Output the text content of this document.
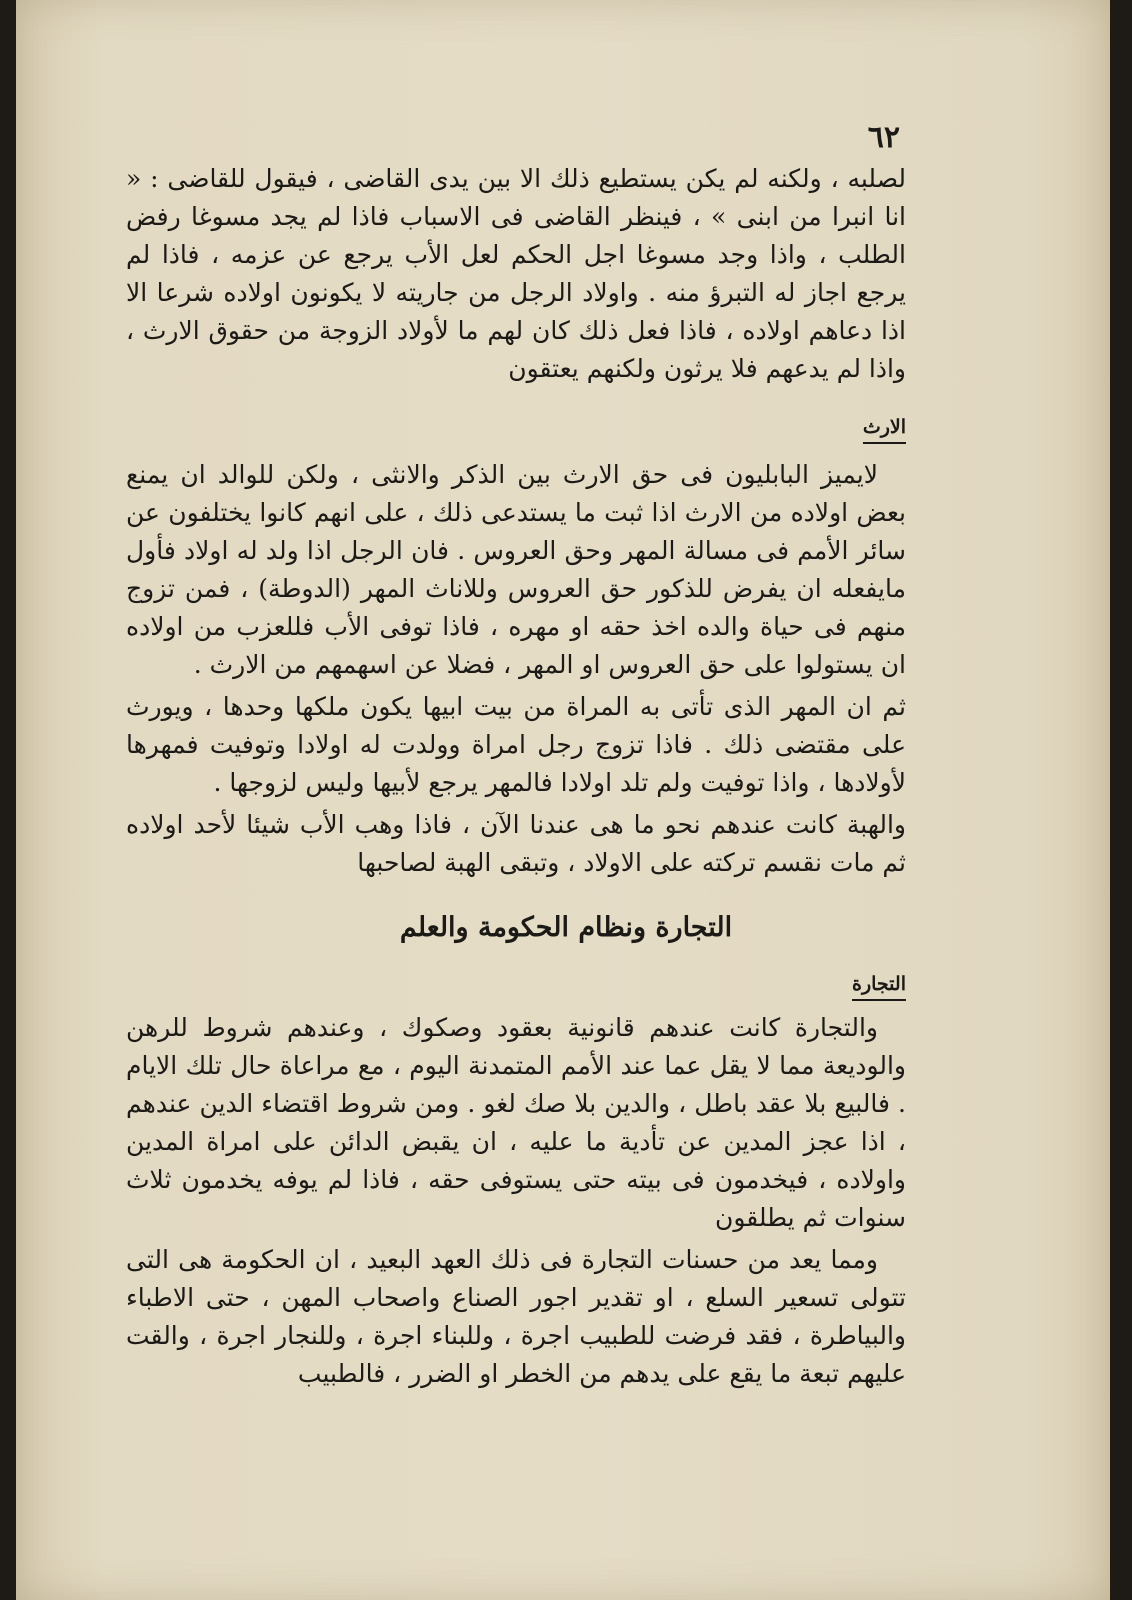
٦٢

لصلبه ، ولكنه لم يكن يستطيع ذلك الا بين يدى القاضى ، فيقول للقاضى : « انا انبرا من ابنى » ، فينظر القاضى فى الاسباب فاذا لم يجد مسوغا رفض الطلب ، واذا وجد مسوغا اجل الحكم لعل الأب يرجع عن عزمه ، فاذا لم يرجع اجاز له التبرؤ منه . واولاد الرجل من جاريته لا يكونون اولاده شرعا الا اذا دعاهم اولاده ، فاذا فعل ذلك كان لهم ما لأولاد الزوجة من حقوق الارث ، واذا لم يدعهم فلا يرثون ولكنهم يعتقون

الارث

لايميز البابليون فى حق الارث بين الذكر والانثى ، ولكن للوالد ان يمنع بعض اولاده من الارث اذا ثبت ما يستدعى ذلك ، على انهم كانوا يختلفون عن سائر الأمم فى مسالة المهر وحق العروس . فان الرجل اذا ولد له اولاد فأول مايفعله ان يفرض للذكور حق العروس وللاناث المهر (الدوطة) ، فمن تزوج منهم فى حياة والده اخذ حقه او مهره ، فاذا توفى الأب فللعزب من اولاده ان يستولوا على حق العروس او المهر ، فضلا عن اسهمهم من الارث .

ثم ان المهر الذى تأتى به المراة من بيت ابيها يكون ملكها وحدها ، ويورث على مقتضى ذلك . فاذا تزوج رجل امراة وولدت له اولادا وتوفيت فمهرها لأولادها ، واذا توفيت ولم تلد اولادا فالمهر يرجع لأبيها وليس لزوجها .

والهبة كانت عندهم نحو ما هى عندنا الآن ، فاذا وهب الأب شيئا لأحد اولاده ثم مات نقسم تركته على الاولاد ، وتبقى الهبة لصاحبها

التجارة ونظام الحكومة والعلم
التجارة

والتجارة كانت عندهم قانونية بعقود وصكوك ، وعندهم شروط للرهن والوديعة مما لا يقل عما عند الأمم المتمدنة اليوم ، مع مراعاة حال تلك الايام . فالبيع بلا عقد باطل ، والدين بلا صك لغو . ومن شروط اقتضاء الدين عندهم ، اذا عجز المدين عن تأدية ما عليه ، ان يقبض الدائن على امراة المدين واولاده ، فيخدمون فى بيته حتى يستوفى حقه ، فاذا لم يوفه يخدمون ثلاث سنوات ثم يطلقون

ومما يعد من حسنات التجارة فى ذلك العهد البعيد ، ان الحكومة هى التى تتولى تسعير السلع ، او تقدير اجور الصناع واصحاب المهن ، حتى الاطباء والبياطرة ، فقد فرضت للطبيب اجرة ، وللبناء اجرة ، وللنجار اجرة ، والقت عليهم تبعة ما يقع على يدهم من الخطر او الضرر ، فالطبيب
